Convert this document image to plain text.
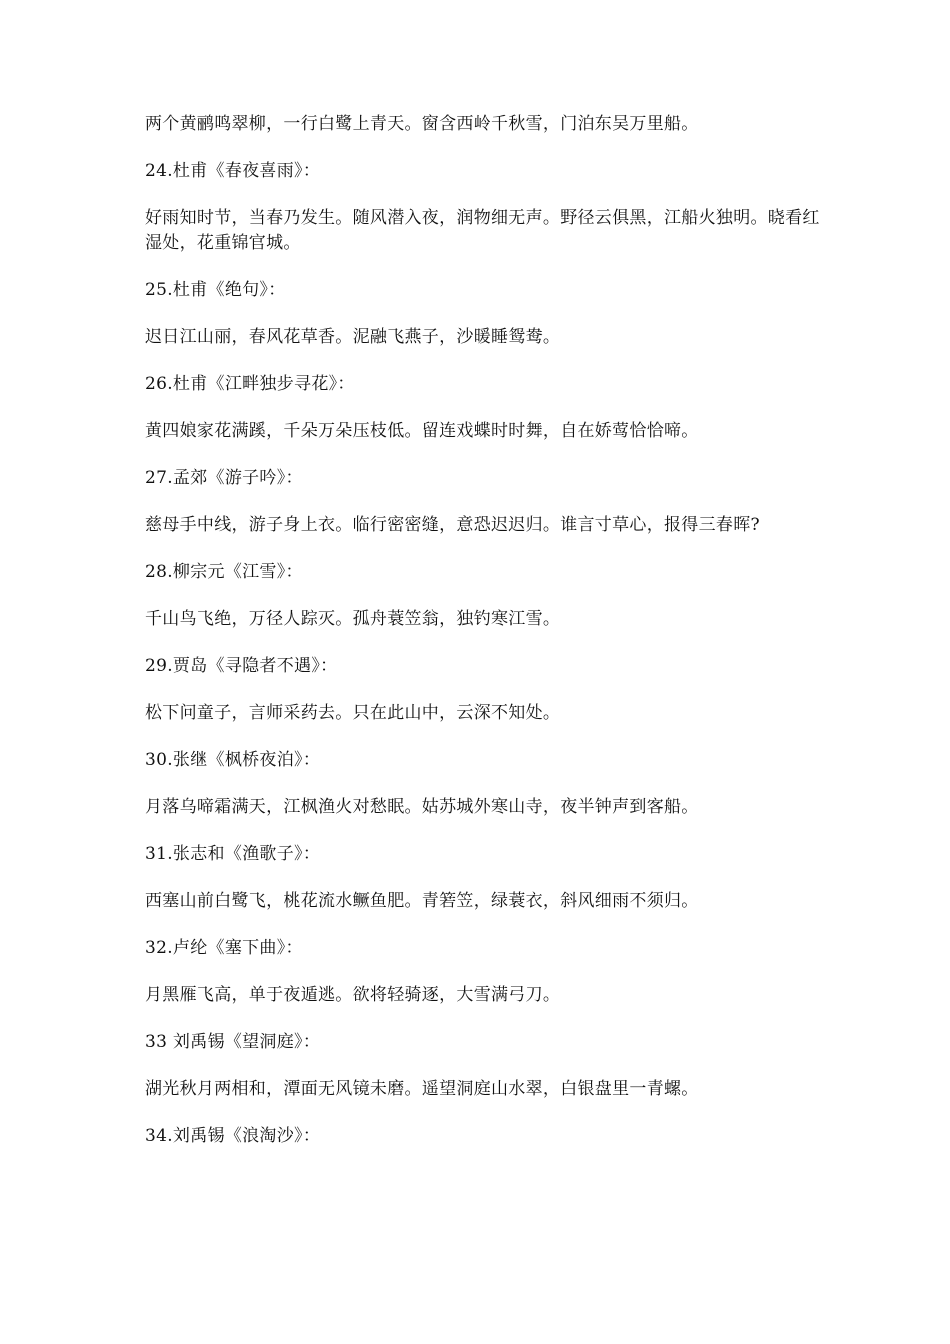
两个黄鹂鸣翠柳，一行白鹭上青天。窗含西岭千秋雪，门泊东吴万里船。

24.杜甫《春夜喜雨》：

好雨知时节，当春乃发生。随风潜入夜，润物细无声。野径云俱黑，江船火独明。晓看红湿处，花重锦官城。

25.杜甫《绝句》：

迟日江山丽，春风花草香。泥融飞燕子，沙暖睡鸳鸯。

26.杜甫《江畔独步寻花》：

黄四娘家花满蹊，千朵万朵压枝低。留连戏蝶时时舞，自在娇莺恰恰啼。

27.孟郊《游子吟》：

慈母手中线，游子身上衣。临行密密缝，意恐迟迟归。谁言寸草心，报得三春晖?

28.柳宗元《江雪》：

千山鸟飞绝，万径人踪灭。孤舟蓑笠翁，独钓寒江雪。

29.贾岛《寻隐者不遇》：

松下问童子，言师采药去。只在此山中，云深不知处。

30.张继《枫桥夜泊》：

月落乌啼霜满天，江枫渔火对愁眠。姑苏城外寒山寺，夜半钟声到客船。

31.张志和《渔歌子》：

西塞山前白鹭飞，桃花流水鳜鱼肥。青箬笠，绿蓑衣，斜风细雨不须归。

32.卢纶《塞下曲》：

月黑雁飞高，单于夜遁逃。欲将轻骑逐，大雪满弓刀。

33 刘禹锡《望洞庭》：

湖光秋月两相和，潭面无风镜未磨。遥望洞庭山水翠，白银盘里一青螺。

34.刘禹锡《浪淘沙》：
